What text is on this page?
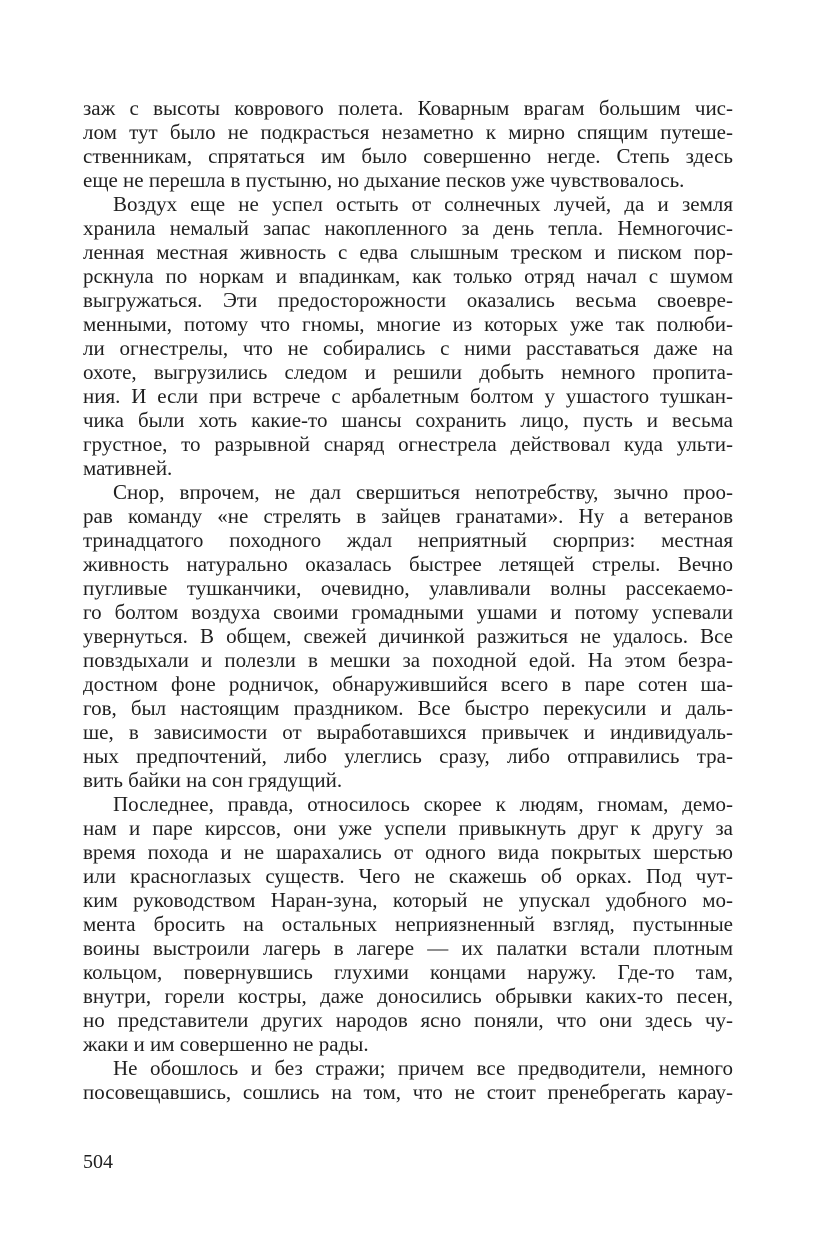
заж с высоты коврового полета. Коварным врагам большим чис-
лом тут было не подкрасться незаметно к мирно спящим путеше-
ственникам, спрятаться им было совершенно негде. Степь здесь
еще не перешла в пустыню, но дыхание песков уже чувствовалось.

Воздух еще не успел остыть от солнечных лучей, да и земля
хранила немалый запас накопленного за день тепла. Немногочис-
ленная местная живность с едва слышным треском и писком пор-
рскнула по норкам и впадинкам, как только отряд начал с шумом
выгружаться. Эти предосторожности оказались весьма своевре-
менными, потому что гномы, многие из которых уже так полюби-
ли огнестрелы, что не собирались с ними расставаться даже на
охоте, выгрузились следом и решили добыть немного пропита-
ния. И если при встрече с арбалетным болтом у ушастого тушкан-
чика были хоть какие-то шансы сохранить лицо, пусть и весьма
грустное, то разрывной снаряд огнестрела действовал куда ульти-
мативней.

Снор, впрочем, не дал свершиться непотребству, зычно проо-
рав команду «не стрелять в зайцев гранатами». Ну а ветеранов
тринадцатого походного ждал неприятный сюрприз: местная
живность натурально оказалась быстрее летящей стрелы. Вечно
пугливые тушканчики, очевидно, улавливали волны рассекаемо-
го болтом воздуха своими громадными ушами и потому успевали
увернуться. В общем, свежей дичинкой разжиться не удалось. Все
повздыхали и полезли в мешки за походной едой. На этом безра-
достном фоне родничок, обнаружившийся всего в паре сотен ша-
гов, был настоящим праздником. Все быстро перекусили и даль-
ше, в зависимости от выработавшихся привычек и индивидуаль-
ных предпочтений, либо улеглись сразу, либо отправились тра-
вить байки на сон грядущий.

Последнее, правда, относилось скорее к людям, гномам, демо-
нам и паре кирссов, они уже успели привыкнуть друг к другу за
время похода и не шарахались от одного вида покрытых шерстью
или красноглазых существ. Чего не скажешь об орках. Под чут-
ким руководством Наран-зуна, который не упускал удобного мо-
мента бросить на остальных неприязненный взгляд, пустынные
воины выстроили лагерь в лагере — их палатки встали плотным
кольцом, повернувшись глухими концами наружу. Где-то там,
внутри, горели костры, даже доносились обрывки каких-то песен,
но представители других народов ясно поняли, что они здесь чу-
жаки и им совершенно не рады.

Не обошлось и без стражи; причем все предводители, немного
посовещавшись, сошлись на том, что не стоит пренебрегать карау-

504
